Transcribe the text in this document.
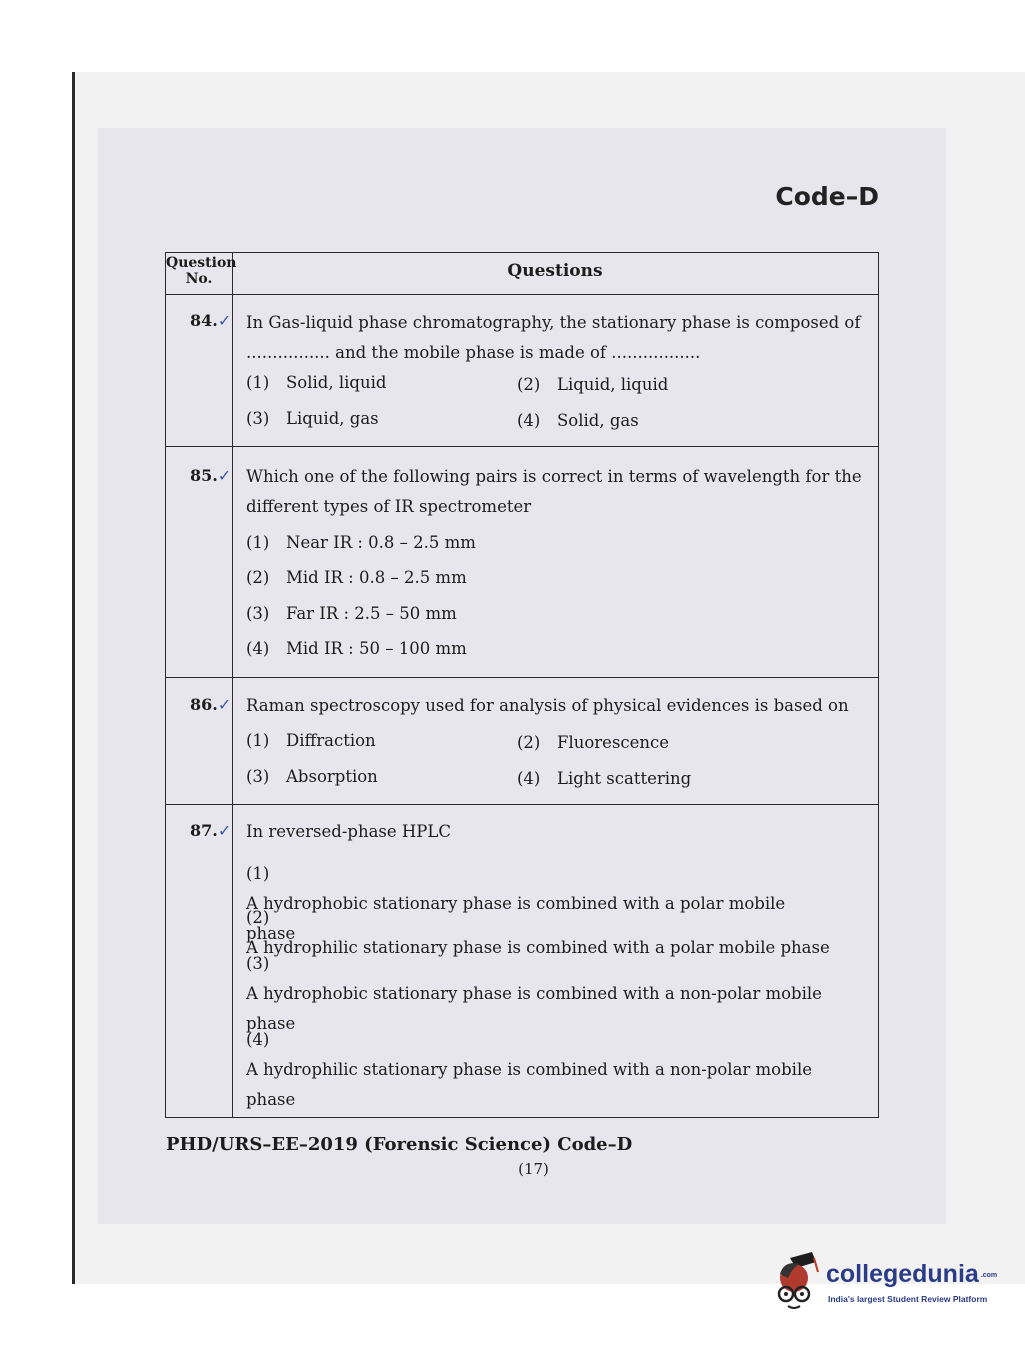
Code–D
Question No.	Questions
84.✓ In Gas-liquid phase chromatography, the stationary phase is composed of ................ and the mobile phase is made of .................
(1) Solid, liquid	(2) Liquid, liquid
(3) Liquid, gas	(4) Solid, gas
85.✓ Which one of the following pairs is correct in terms of wavelength for the different types of IR spectrometer
(1) Near IR : 0.8 – 2.5 mm
(2) Mid IR : 0.8 – 2.5 mm
(3) Far IR : 2.5 – 50 mm
(4) Mid IR : 50 – 100 mm
86.✓ Raman spectroscopy used for analysis of physical evidences is based on
(1) Diffraction	(2) Fluorescence
(3) Absorption	(4) Light scattering
87.✓ In reversed-phase HPLC
(1)A hydrophobic stationary phase is combined with a polar mobile phase
(2)A hydrophilic stationary phase is combined with a polar mobile phase
(3)A hydrophobic stationary phase is combined with a non-polar mobile phase
(4)A hydrophilic stationary phase is combined with a non-polar mobile phase
PHD/URS–EE–2019 (Forensic Science) Code–D
(17)
collegedunia .com
India's largest Student Review Platform
